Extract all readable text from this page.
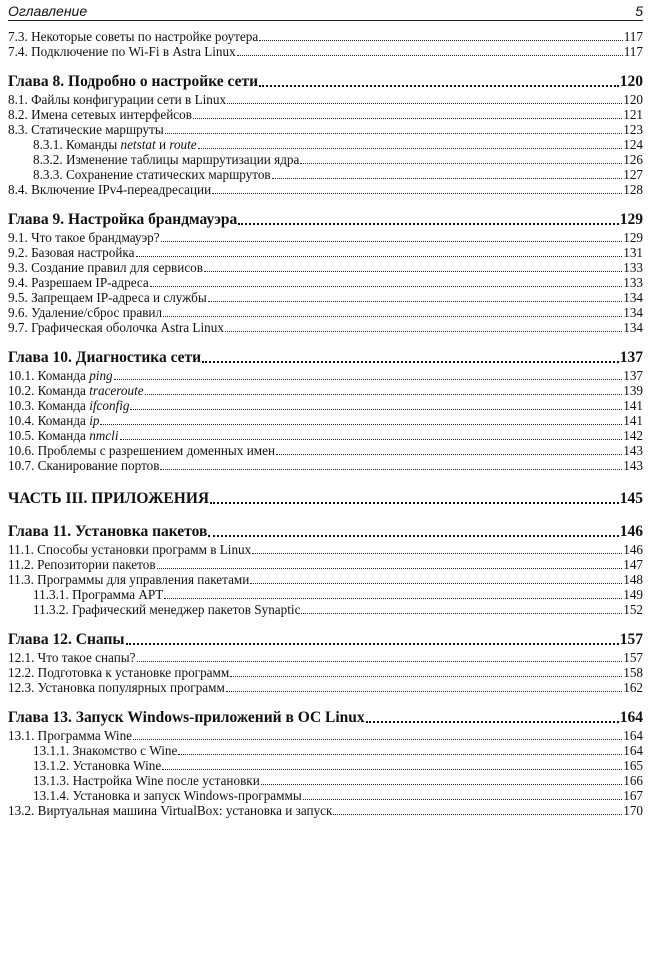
Оглавление	5
7.3. Некоторые советы по настройке роутера	117
7.4. Подключение по Wi-Fi в Astra Linux	117
Глава 8. Подробно о настройке сети	120
8.1. Файлы конфигурации сети в Linux	120
8.2. Имена сетевых интерфейсов	121
8.3. Статические маршруты	123
8.3.1. Команды netstat и route	124
8.3.2. Изменение таблицы маршрутизации ядра	126
8.3.3. Сохранение статических маршрутов	127
8.4. Включение IPv4-переадресации	128
Глава 9. Настройка брандмауэра	129
9.1. Что такое брандмауэр?	129
9.2. Базовая настройка	131
9.3. Создание правил для сервисов	133
9.4. Разрешаем IP-адреса	133
9.5. Запрещаем IP-адреса и службы	134
9.6. Удаление/сброс правил	134
9.7. Графическая оболочка Astra Linux	134
Глава 10. Диагностика сети	137
10.1. Команда ping	137
10.2. Команда traceroute	139
10.3. Команда ifconfig	141
10.4. Команда ip	141
10.5. Команда nmcli	142
10.6. Проблемы с разрешением доменных имен	143
10.7. Сканирование портов	143
ЧАСТЬ III. ПРИЛОЖЕНИЯ	145
Глава 11. Установка пакетов	146
11.1. Способы установки программ в Linux	146
11.2. Репозитории пакетов	147
11.3. Программы для управления пакетами	148
11.3.1. Программа APT	149
11.3.2. Графический менеджер пакетов Synaptic	152
Глава 12. Снапы	157
12.1. Что такое снапы?	157
12.2. Подготовка к установке программ	158
12.3. Установка популярных программ	162
Глава 13. Запуск Windows-приложений в ОС Linux	164
13.1. Программа Wine	164
13.1.1. Знакомство с Wine	164
13.1.2. Установка Wine	165
13.1.3. Настройка Wine после установки	166
13.1.4. Установка и запуск Windows-программы	167
13.2. Виртуальная машина VirtualBox: установка и запуск	170
